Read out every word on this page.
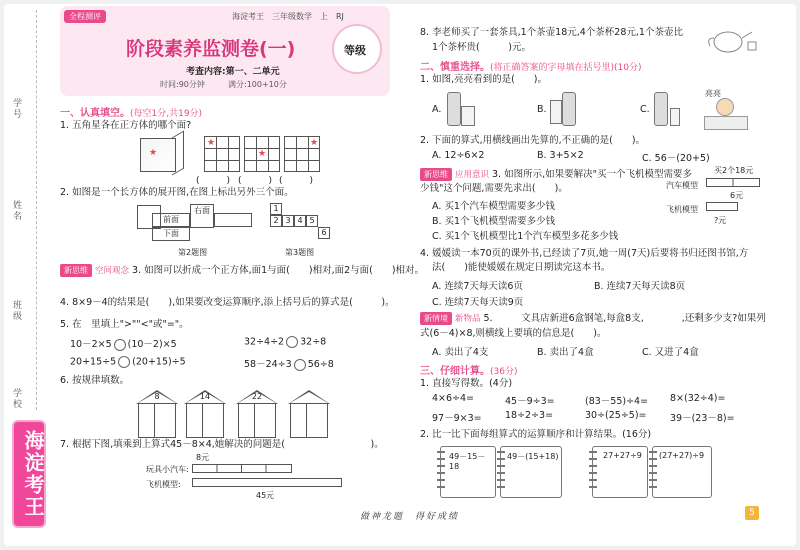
学号
姓名
班级
学校
海淀考王
全程测评	海淀考王　三年级数学　上　RJ
阶段素养监测卷(一)	等级
考查内容:第一、二单元
时间:90分钟	满分:100+10分
一、认真填空。(每空1分,共19分)
1. 五角星各在正方体的哪个面?
★
★
★
★
(　　　) (　　　) (　　　)
2. 如图是一个长方体的展开图,在图上标出另外三个面。
前面
右面
下面
第2题图
1
2 3 4 5
6
第3题图
新思维 空间观念 3. 如图可以折成一个正方体,面1与面(　　)相对,面2与面(　　)相对。
4. 8×9－4的结果是(　　),如果要改变运算顺序,添上括号后的算式是(　　　)。
5. 在　里填上">""<"或"="。
10－2×5 (10－2)×5	32÷4÷2 32÷8
20+15÷5 (20+15)÷5	58－24÷3 56÷8
6. 按规律填数。
8	14	22
7. 根据下图,填乘到上算式45－8×4,她解决的问题是(　　　　　　　　　)。
8元
玩具小汽车:
飞机模型:
45元
8. 李老师买了一套茶具,1个茶壶18元,4个茶杯28元,1个茶壶比
1个茶杯贵(　　　)元。
二、慎重选择。(将正确答案的字母填在括号里)(10分)
1. 如图,亮亮看到的是(　　)。
A.	B.	C.
亮亮
2. 下面的算式,用横线画出先算的,不正确的是(　　)。
A. 12÷6×2	B. 3+5×2	C. 56－(20+5)
新思维 应用意识 3. 如图所示,如果要解决"买一个飞机模型需要多
少钱"这个问题,需要先求出(　　)。
A. 买1个汽车模型需要多少钱
B. 买1个飞机模型需要多少钱
C. 买1个飞机模型比1个汽车模型多花多少钱
买2个18元
汽车模型
6元
飞机模型
?元
4. 媛媛读一本70页的课外书,已经读了7页,她一周(7天)后要将书归还图书馆,方
法(　　)能使媛媛在规定日期读完这本书。
A. 连续7天每天读6页	B. 连续7天每天读8页
C. 连续7天每天读9页
新情境 新物品 5.　　　文具店新进6盒钢笔,每盒8支,　　　　,还剩多少支?如果列
式(6－4)×8,则横线上要填的信息是(　　)。
A. 卖出了4支	B. 卖出了4盒	C. 又进了4盒
三、仔细计算。(36分)
1. 直接写得数。(4分)
4×6÷4=	45－9÷3=	(83－55)÷4= 8×(32÷4)=
97－9×3= 18÷2÷3=	30÷(25÷5)= 39－(23－8)=
2. 比一比下面每组算式的运算顺序和计算结果。(16分)
49－15－18
49－(15+18)	27+27÷9 (27+27)÷9
做神龙题　得好成绩	5
